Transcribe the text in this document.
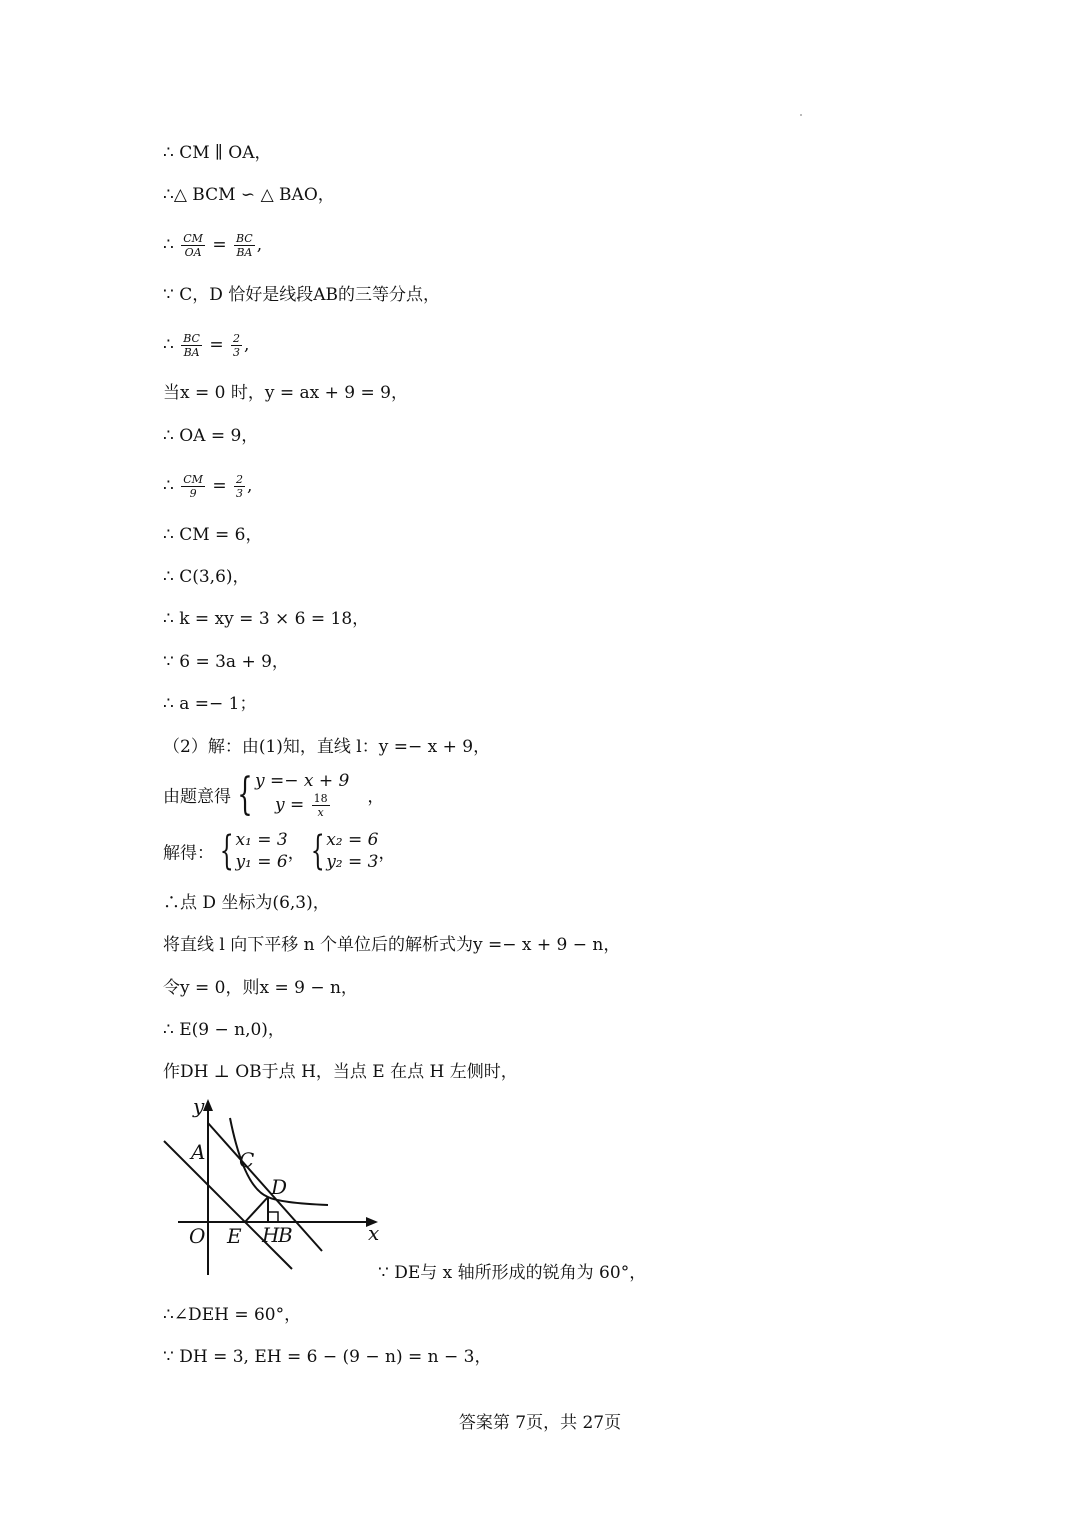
∴ CM ∥ OA，
∴△ BCM ∽ △ BAO，
∴ $\frac{CM}{OA} = \frac{BC}{BA}$ ,
∵ C，D 恰好是线段AB的三等分点，
∴ $\frac{BC}{BA} = \frac{2}{3}$ ,
当x = 0 时，y = ax + 9 = 9，
∴ OA = 9，
∴ $\frac{CM}{9} = \frac{2}{3}$ ,
∴ CM = 6，
∴ C(3,6)，
∴ k = xy = 3 × 6 = 18，
∵ 6 = 3a + 9，
∴ a =− 1；
（2）解：由(1)知，直线 l：y =− x + 9，
由题意得 { y =− x + 9
$y = \frac{18}{x}$ ，
解得： { x₁ = 3
y₁ = 6 ， { x₂ = 6
y₂ = 3 ，
∴点 D 坐标为(6,3)，
将直线 l 向下平移 n 个单位后的解析式为y =− x + 9 − n，
令y = 0，则x = 9 − n，
∴ E(9 − n,0)，
作DH ⊥ OB于点 H，当点 E 在点 H 左侧时，
y
x
O
A C
D
E H
B
∵ DE与 x 轴所形成的锐角为 60°，
∴∠DEH = 60°，
∵ DH = 3, EH = 6 − (9 − n) = n − 3，
答案第 7页，共 27页
